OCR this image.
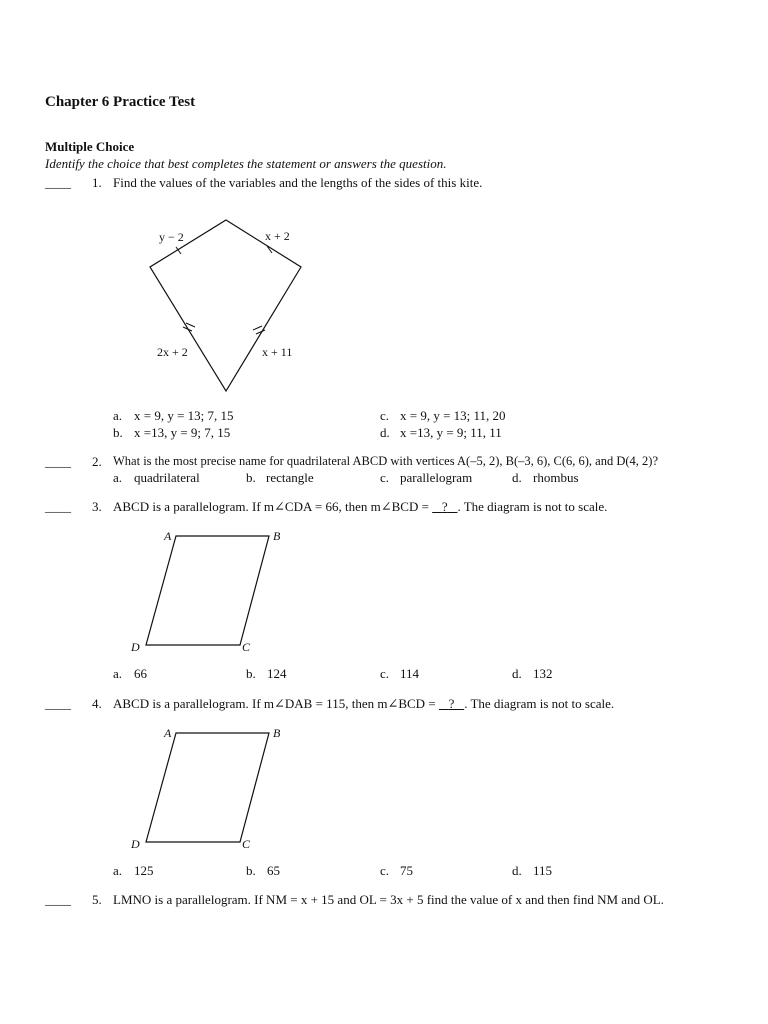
Chapter 6 Practice Test
Multiple Choice
Identify the choice that best completes the statement or answers the question.
____ 1. Find the values of the variables and the lengths of the sides of this kite.
y − 2	x + 2
2x + 2	x + 11
a. x = 9, y = 13; 7, 15
b. x =13, y = 9; 7, 15
c. x = 9, y = 13; 11, 20
d. x =13, y = 9; 11, 11
____ 2. What is the most precise name for quadrilateral ABCD with vertices A(–5, 2), B(–3, 6), C(6, 6), and D(4, 2)?
a. quadrilateral	b. rectangle	c. parallelogram	d. rhombus
____ 3. ABCD is a parallelogram. If m∠CDA = 66, then m∠BCD = ? . The diagram is not to scale.
A	B
C
D
a. 66	b. 124	c. 114	d. 132
____ 4. ABCD is a parallelogram. If m∠DAB = 115, then m∠BCD = ? . The diagram is not to scale.
A	B
C
D
a. 125	b. 65	c. 75	d. 115
____ 5. LMNO is a parallelogram. If NM = x + 15 and OL = 3x + 5 find the value of x and then find NM and OL.
